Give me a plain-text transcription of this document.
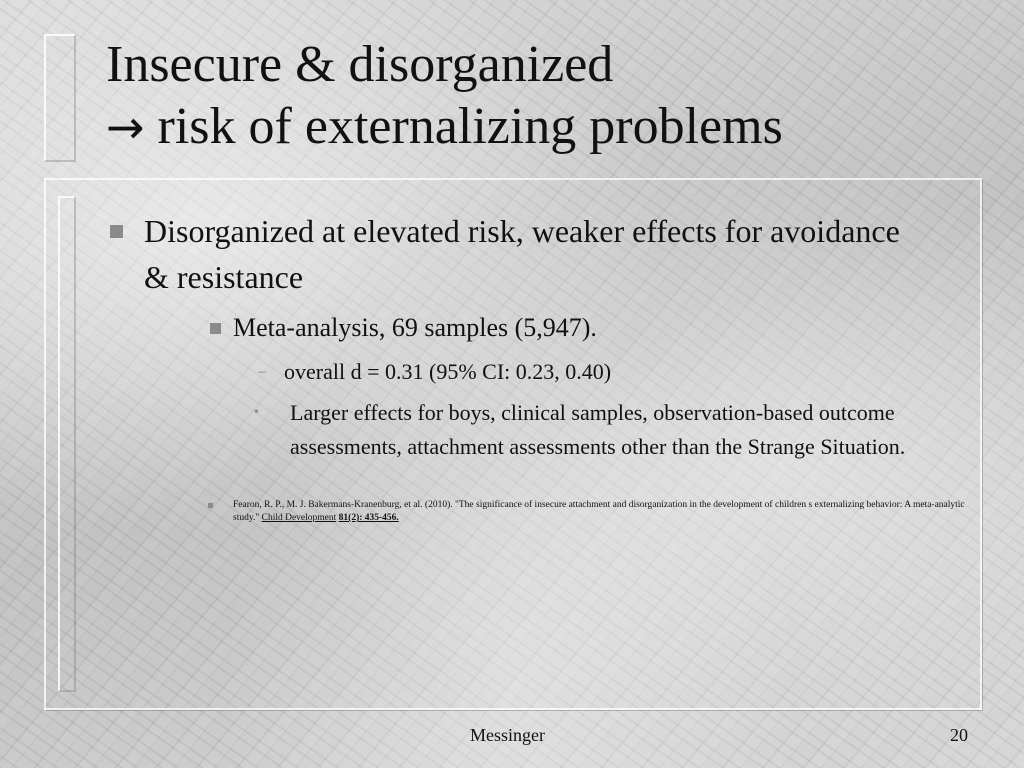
Insecure & disorganized
→ risk of externalizing problems
Disorganized at elevated risk, weaker effects for avoidance & resistance
Meta-analysis, 69 samples (5,947).
– overall d = 0.31 (95% CI: 0.23, 0.40)
• Larger effects for boys, clinical samples, observation-based outcome assessments, attachment assessments other than the Strange Situation.
Fearon, R. P., M. J. Bakermans-Kranenburg, et al. (2010). "The significance of insecure attachment and disorganization in the development of children s externalizing behavior: A meta-analytic study." Child Development 81(2): 435-456.
Messinger	20
